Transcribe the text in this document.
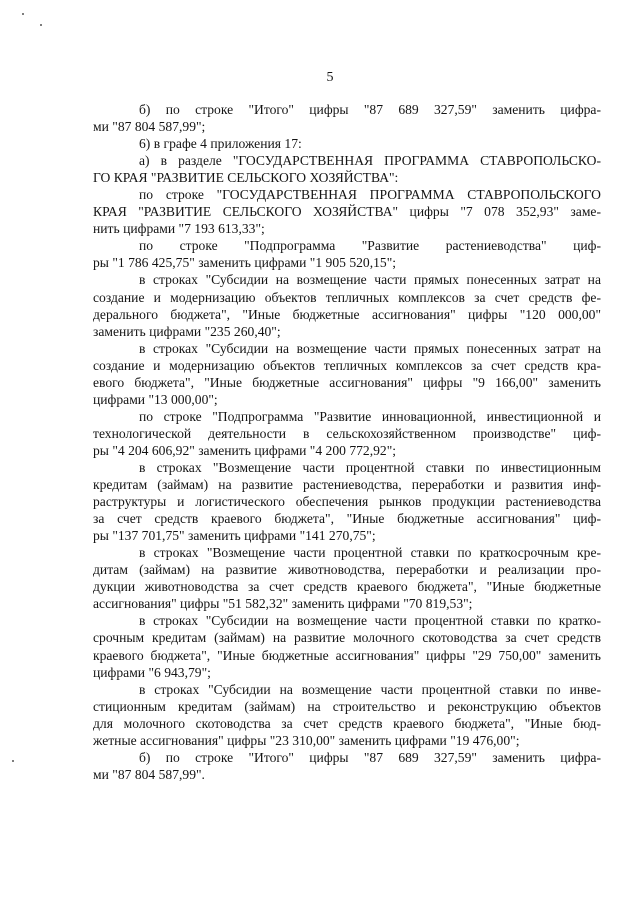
5
б) по строке "Итого" цифры "87 689 327,59" заменить цифра-
ми "87 804 587,99";
6) в графе 4 приложения 17:
а) в разделе "ГОСУДАРСТВЕННАЯ ПРОГРАММА СТАВРОПОЛЬСКО-
ГО КРАЯ "РАЗВИТИЕ СЕЛЬСКОГО ХОЗЯЙСТВА":
по строке "ГОСУДАРСТВЕННАЯ ПРОГРАММА СТАВРОПОЛЬСКОГО
КРАЯ "РАЗВИТИЕ СЕЛЬСКОГО ХОЗЯЙСТВА" цифры "7 078 352,93" заме-
нить цифрами "7 193 613,33";
по строке "Подпрограмма "Развитие растениеводства" циф-
ры "1 786 425,75" заменить цифрами "1 905 520,15";
в строках "Субсидии на возмещение части прямых понесенных затрат на
создание и модернизацию объектов тепличных комплексов за счет средств фе-
дерального бюджета", "Иные бюджетные ассигнования" цифры "120 000,00"
заменить цифрами "235 260,40";
в строках "Субсидии на возмещение части прямых понесенных затрат на
создание и модернизацию объектов тепличных комплексов за счет средств кра-
евого бюджета", "Иные бюджетные ассигнования" цифры "9 166,00" заменить
цифрами "13 000,00";
по строке "Подпрограмма "Развитие инновационной, инвестиционной и
технологической деятельности в сельскохозяйственном производстве" циф-
ры "4 204 606,92" заменить цифрами "4 200 772,92";
в строках "Возмещение части процентной ставки по инвестиционным
кредитам (займам) на развитие растениеводства, переработки и развития инф-
раструктуры и логистического обеспечения рынков продукции растениеводства
за счет средств краевого бюджета", "Иные бюджетные ассигнования" циф-
ры "137 701,75" заменить цифрами "141 270,75";
в строках "Возмещение части процентной ставки по краткосрочным кре-
дитам (займам) на развитие животноводства, переработки и реализации про-
дукции животноводства за счет средств краевого бюджета", "Иные бюджетные
ассигнования" цифры "51 582,32" заменить цифрами "70 819,53";
в строках "Субсидии на возмещение части процентной ставки по кратко-
срочным кредитам (займам) на развитие молочного скотоводства за счет средств
краевого бюджета", "Иные бюджетные ассигнования" цифры "29 750,00" заменить
цифрами "6 943,79";
в строках "Субсидии на возмещение части процентной ставки по инве-
стиционным кредитам (займам) на строительство и реконструкцию объектов
для молочного скотоводства за счет средств краевого бюджета", "Иные бюд-
жетные ассигнования" цифры "23 310,00" заменить цифрами "19 476,00";
б) по строке "Итого" цифры "87 689 327,59" заменить цифра-
ми "87 804 587,99".
